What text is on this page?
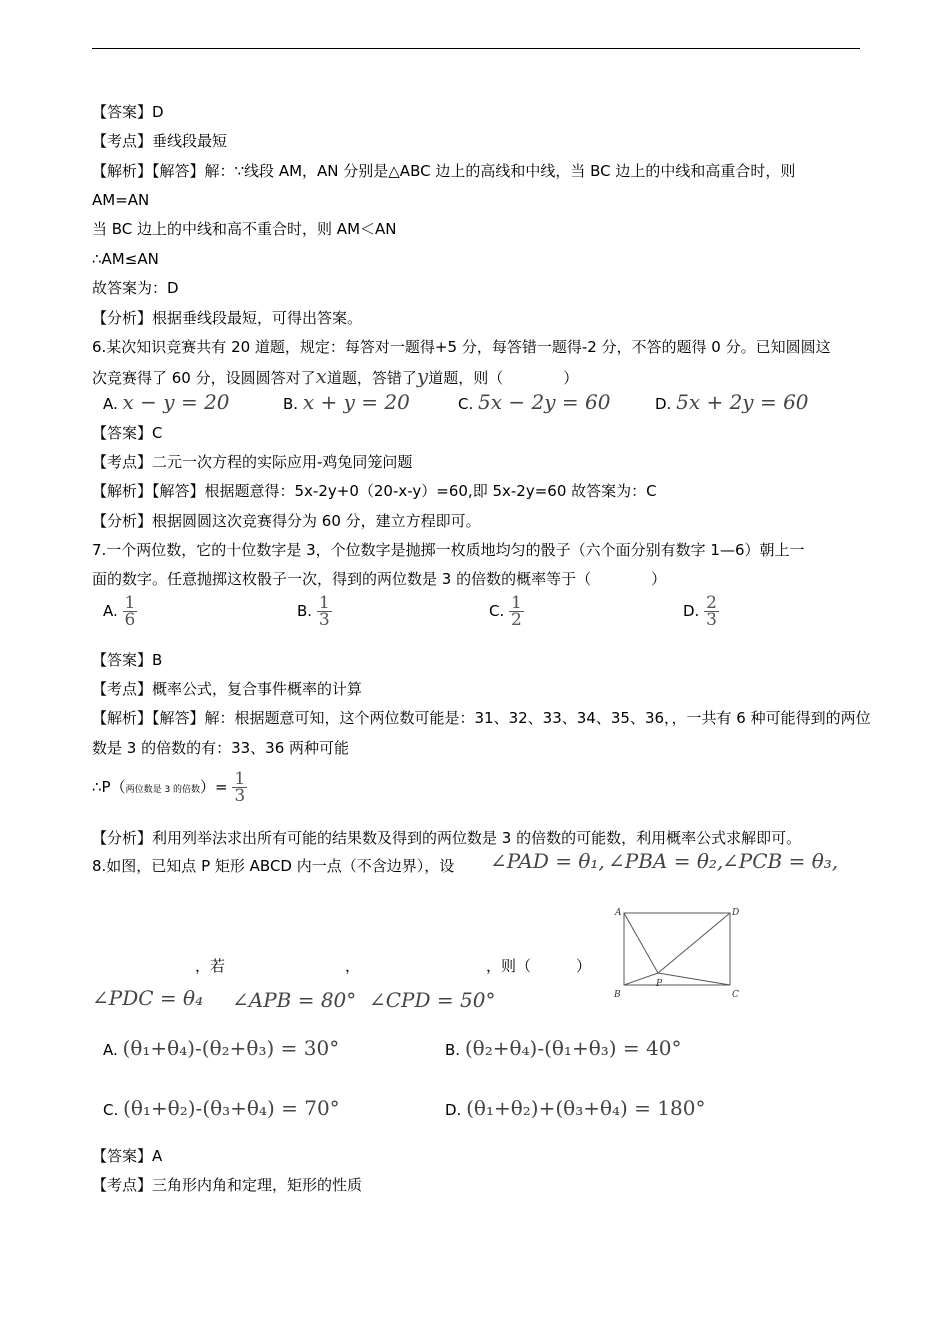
【答案】D
【考点】垂线段最短
【解析】【解答】解：∵线段 AM，AN 分别是△ABC 边上的高线和中线，当 BC 边上的中线和高重合时，则
AM=AN
当 BC 边上的中线和高不重合时，则 AM＜AN
∴AM≤AN
故答案为：D
【分析】根据垂线段最短，可得出答案。
6.某次知识竞赛共有 20 道题，规定：每答对一题得+5 分，每答错一题得-2 分，不答的题得 0 分。已知圆圆这
次竞赛得了 60 分，设圆圆答对了x道题，答错了y道题，则（　　　　）
A. x − y = 20	B. x + y = 20	C. 5x − 2y = 60	D. 5x + 2y = 60
【答案】C
【考点】二元一次方程的实际应用-鸡兔同笼问题
【解析】【解答】根据题意得：5x-2y+0（20-x-y）=60,即 5x-2y=60 故答案为：C
【分析】根据圆圆这次竞赛得分为 60 分，建立方程即可。
7.一个两位数，它的十位数字是 3，个位数字是抛掷一枚质地均匀的骰子（六个面分别有数字 1—6）朝上一
面的数字。任意抛掷这枚骰子一次，得到的两位数是 3 的倍数的概率等于（　　　　）
A. $\frac{1}{6}$	B. $\frac{1}{3}$	C. $\frac{1}{2}$	D. $\frac{2}{3}$
【答案】B
【考点】概率公式，复合事件概率的计算
【解析】【解答】解：根据题意可知，这个两位数可能是：31、32、33、34、35、36，，一共有 6 种可能得到的两位
数是 3 的倍数的有：33、36 两种可能
∴P（两位数是 3 的倍数）= $\frac{1}{3}$
【分析】利用列举法求出所有可能的结果数及得到的两位数是 3 的倍数的可能数，利用概率公式求解即可。
8.如图，已知点 P 矩形 ABCD 内一点（不含边界），设 ∠PAD = θ₁, ∠PBA = θ₂,
∠PCB = θ₃,
，若	，	，则（　　　）
∠PDC = θ₄ ∠APB = 80° ∠CPD = 50°
A	D
B	C
P
A. (θ₁+θ₄)-(θ₂+θ₃) = 30°	B. (θ₂+θ₄)-(θ₁+θ₃) = 40°
C. (θ₁+θ₂)-(θ₃+θ₄) = 70°	D. (θ₁+θ₂)+(θ₃+θ₄) = 180°
【答案】A
【考点】三角形内角和定理，矩形的性质
